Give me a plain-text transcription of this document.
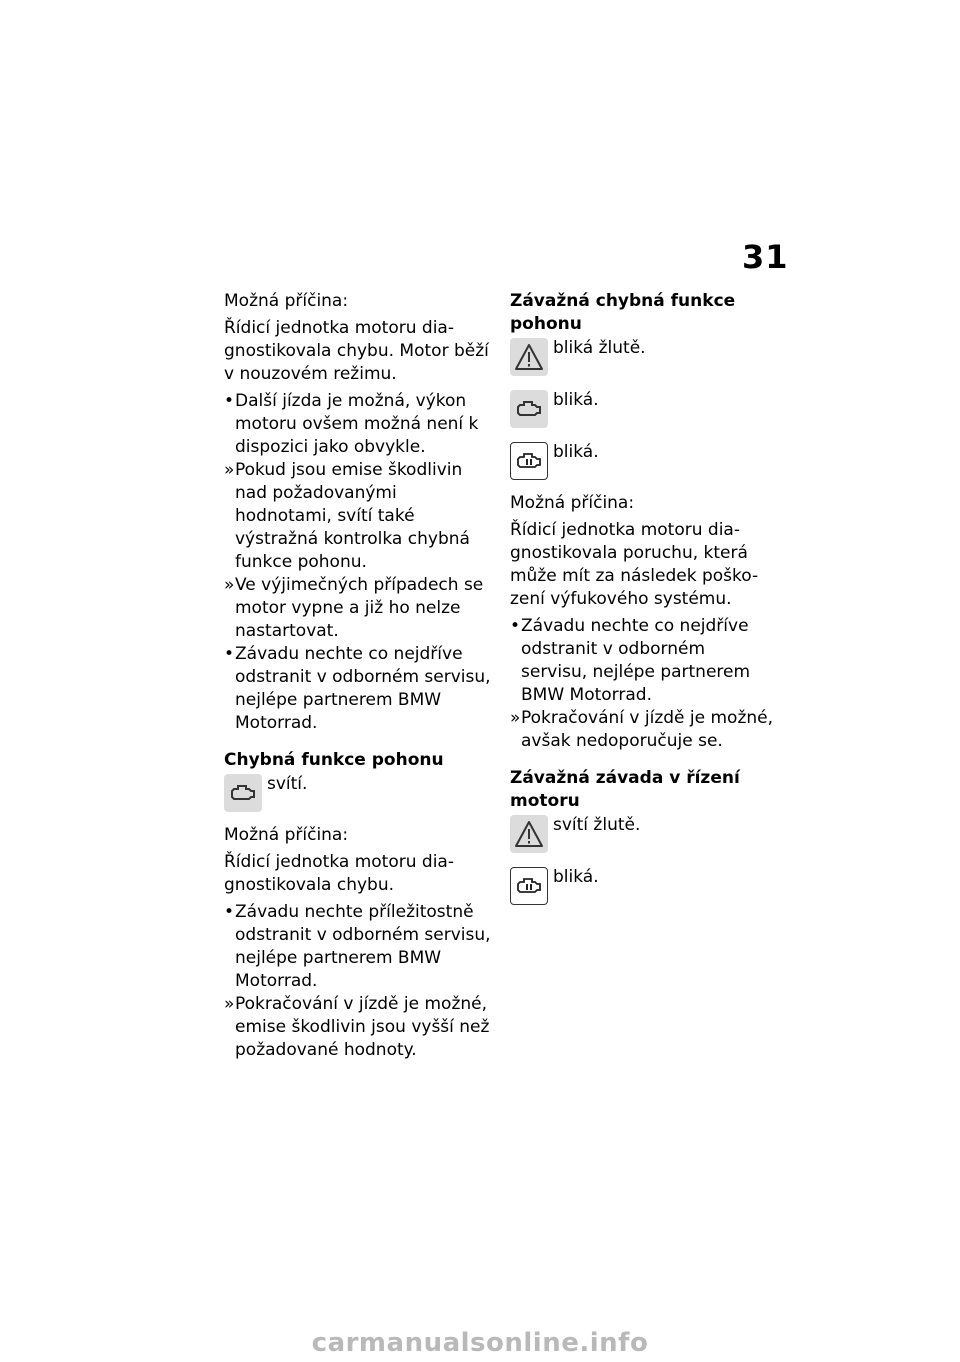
31

Možná příčina:

Řídicí jednotka motoru dia-gnostikovala chybu. Motor běží v nouzovém režimu.

• Další jízda je možná, výkon motoru ovšem možná není k dispozici jako obvykle.
» Pokud jsou emise škodlivin nad požadovanými hodnotami, svítí také výstražná kontrolka chybná funkce pohonu.
» Ve výjimečných případech se motor vypne a již ho nelze nastartovat.
• Závadu nechte co nejdříve odstranit v odborném servisu, nejlépe partnerem BMW Motorrad.

Chybná funkce pohonu

svítí.

Možná příčina:

Řídicí jednotka motoru dia-gnostikovala chybu.

• Závadu nechte příležitostně odstranit v odborném servisu, nejlépe partnerem BMW Motorrad.
» Pokračování v jízdě je možné, emise škodlivin jsou vyšší než požadované hodnoty.

Závažná chybná funkce pohonu

bliká žlutě.
bliká.
bliká.

Možná příčina:

Řídicí jednotka motoru dia-gnostikovala poruchu, která může mít za následek poško-zení výfukového systému.

• Závadu nechte co nejdříve odstranit v odborném servisu, nejlépe partnerem BMW Motorrad.
» Pokračování v jízdě je možné, avšak nedoporučuje se.

Závažná závada v řízení motoru

svítí žlutě.
bliká.
carmanualsonline.info
